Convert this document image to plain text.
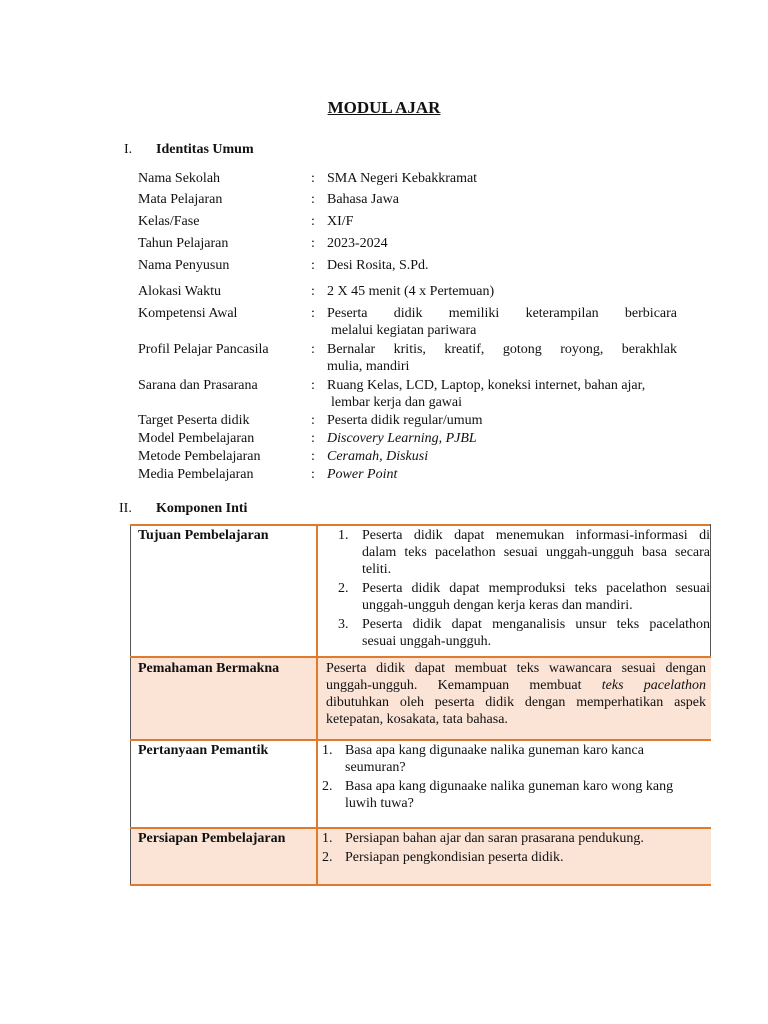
MODUL AJAR
I. Identitas Umum
Nama Sekolah	: SMA Negeri Kebakkramat
Mata Pelajaran	: Bahasa Jawa
Kelas/Fase	: XI/F
Tahun Pelajaran	: 2023-2024
Nama Penyusun	: Desi Rosita, S.Pd.
Alokasi Waktu	: 2 X 45 menit (4 x Pertemuan)
Kompetensi Awal	: Peserta didik memiliki keterampilan berbicara
melalui kegiatan pariwara
Profil Pelajar Pancasila	: Bernalar kritis, kreatif, gotong royong, berakhlak
mulia, mandiri
Sarana dan Prasarana	: Ruang Kelas, LCD, Laptop, koneksi internet, bahan ajar,
lembar kerja dan gawai
Target Peserta didik	: Peserta didik regular/umum
Model Pembelajaran	: Discovery Learning, PJBL
Metode Pembelajaran	: Ceramah, Diskusi
Media Pembelajaran	: Power Point
II. Komponen Inti
Tujuan Pembelajaran	1. Peserta didik dapat menemukan informasi-informasi di
dalam teks pacelathon sesuai unggah-ungguh basa secara
teliti.
2. Peserta didik dapat memproduksi teks pacelathon sesuai
unggah-ungguh dengan kerja keras dan mandiri.
3. Peserta didik dapat menganalisis unsur teks pacelathon
sesuai unggah-ungguh.
Pemahaman Bermakna	Peserta didik dapat membuat teks wawancara sesuai dengan
unggah-ungguh. Kemampuan membuat teks pacelathon
dibutuhkan oleh peserta didik dengan memperhatikan aspek
ketepatan, kosakata, tata bahasa.
Pertanyaan Pemantik	1. Basa apa kang digunaake nalika guneman karo kanca
seumuran?
2. Basa apa kang digunaake nalika guneman karo wong kang
luwih tuwa?
Persiapan Pembelajaran	1. Persiapan bahan ajar dan saran prasarana pendukung.
2. Persiapan pengkondisian peserta didik.
